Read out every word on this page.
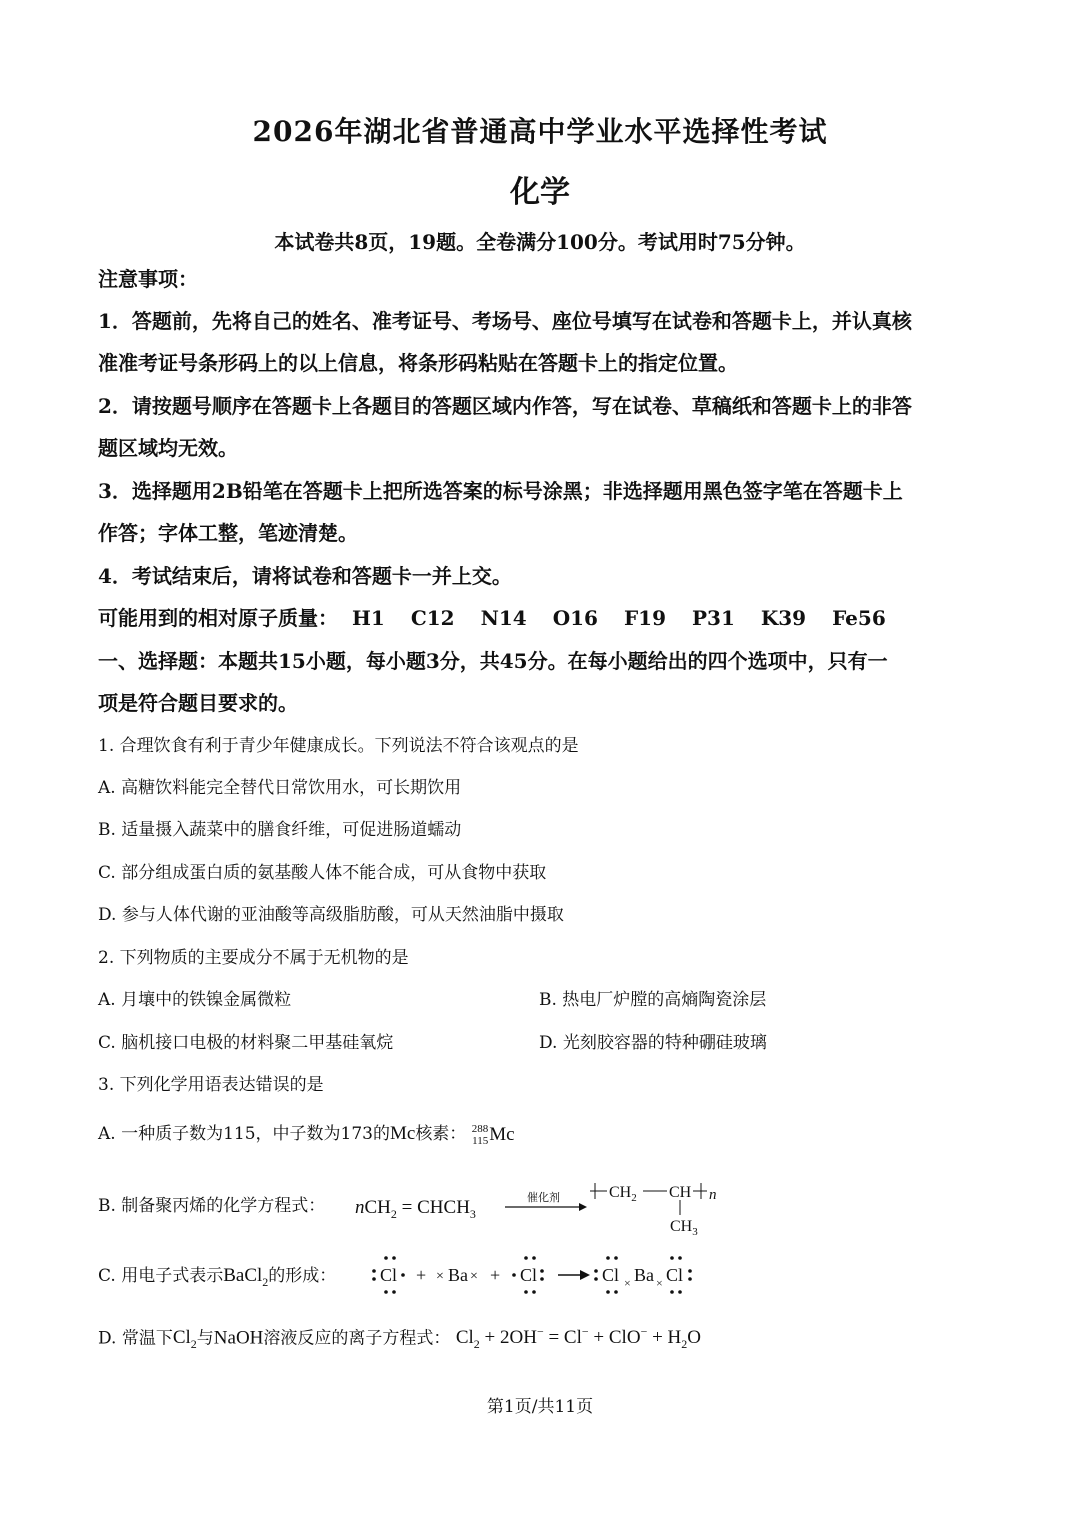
2026年湖北省普通高中学业水平选择性考试
化学
本试卷共8页，19题。全卷满分100分。考试用时75分钟。
注意事项：
1．答题前，先将自己的姓名、准考证号、考场号、座位号填写在试卷和答题卡上，并认真核
准准考证号条形码上的以上信息，将条形码粘贴在答题卡上的指定位置。
2．请按题号顺序在答题卡上各题目的答题区域内作答，写在试卷、草稿纸和答题卡上的非答
题区域均无效。
3．选择题用2B铅笔在答题卡上把所选答案的标号涂黑；非选择题用黑色签字笔在答题卡上
作答；字体工整，笔迹清楚。
4．考试结束后，请将试卷和答题卡一并上交。
可能用到的相对原子质量： H1 C12 N14 O16 F19 P31 K39 Fe56
一、选择题：本题共15小题，每小题3分，共45分。在每小题给出的四个选项中，只有一
项是符合题目要求的。
1. 合理饮食有利于青少年健康成长。下列说法不符合该观点的是
A. 高糖饮料能完全替代日常饮用水，可长期饮用
B. 适量摄入蔬菜中的膳食纤维，可促进肠道蠕动
C. 部分组成蛋白质的氨基酸人体不能合成，可从食物中获取
D. 参与人体代谢的亚油酸等高级脂肪酸，可从天然油脂中摄取
2. 下列物质的主要成分不属于无机物的是
A. 月壤中的铁镍金属微粒	B. 热电厂炉膛的高熵陶瓷涂层
C. 脑机接口电极的材料聚二甲基硅氧烷	D. 光刻胶容器的特种硼硅玻璃
3. 下列化学用语表达错误的是
A. 一种质子数为115，中子数为173的Mc核素： 288
115 Mc
B. 制备聚丙烯的化学方程式：	$nCH_2 = CHCH_3$
催化剂	$CH_2$ CH n
$CH_3$
C. 用电子式表示BaCl$_2$的形成：	Cl + × Ba × + Cl	Cl × Ba × Cl
D. 常温下$Cl_2$与NaOH溶液反应的离子方程式： $Cl_2 + 2OH^- = Cl^- + ClO^- + H_2O$
第1页/共11页
